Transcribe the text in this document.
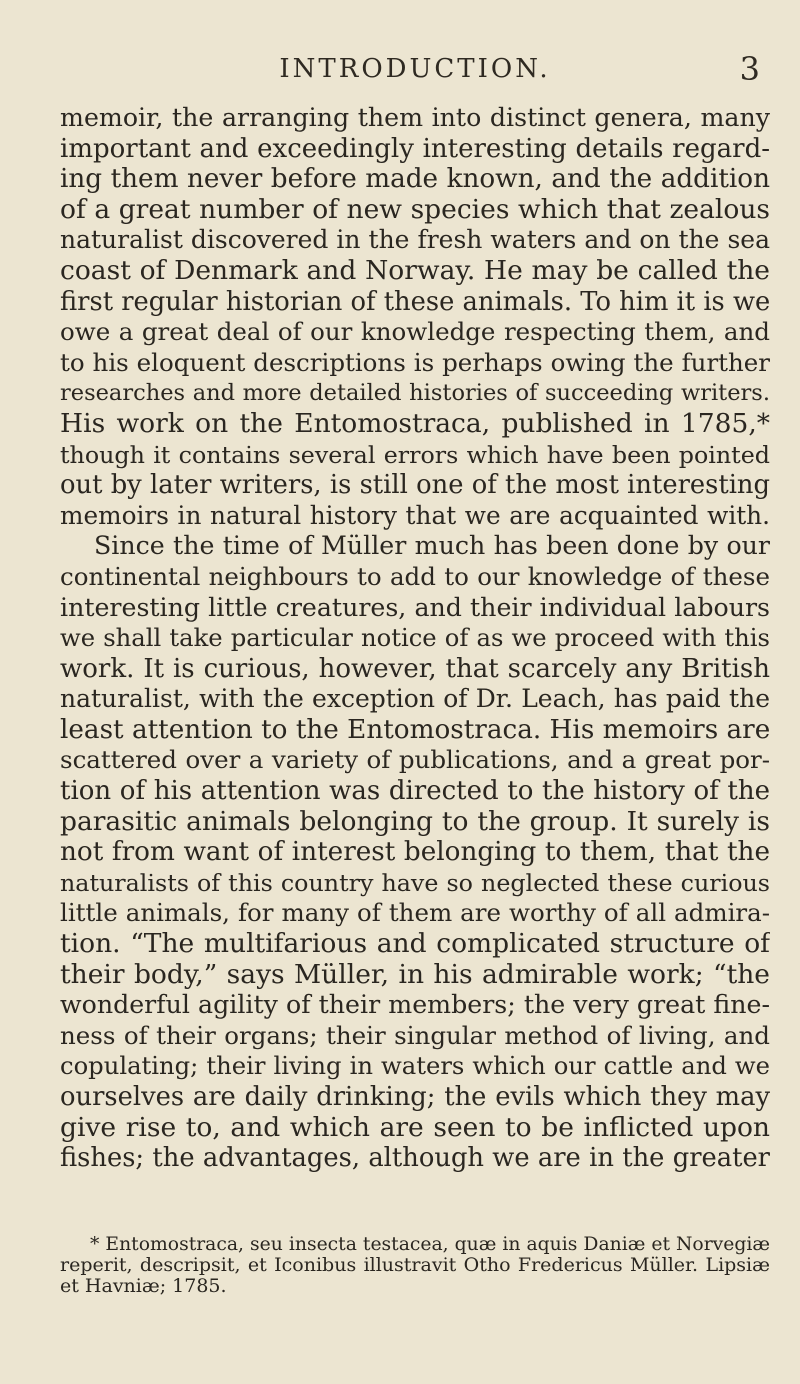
INTRODUCTION.	3
memoir, the arranging them into distinct genera, many
important and exceedingly interesting details regard-
ing them never before made known, and the addition
of a great number of new species which that zealous
naturalist discovered in the fresh waters and on the sea
coast of Denmark and Norway. He may be called the
first regular historian of these animals. To him it is we
owe a great deal of our knowledge respecting them, and
to his eloquent descriptions is perhaps owing the further
researches and more detailed histories of succeeding writers.
His work on the Entomostraca, published in 1785,*
though it contains several errors which have been pointed
out by later writers, is still one of the most interesting
memoirs in natural history that we are acquainted with.
Since the time of Müller much has been done by our
continental neighbours to add to our knowledge of these
interesting little creatures, and their individual labours
we shall take particular notice of as we proceed with this
work. It is curious, however, that scarcely any British
naturalist, with the exception of Dr. Leach, has paid the
least attention to the Entomostraca. His memoirs are
scattered over a variety of publications, and a great por-
tion of his attention was directed to the history of the
parasitic animals belonging to the group. It surely is
not from want of interest belonging to them, that the
naturalists of this country have so neglected these curious
little animals, for many of them are worthy of all admira-
tion. “The multifarious and complicated structure of
their body,” says Müller, in his admirable work; “the
wonderful agility of their members; the very great fine-
ness of their organs; their singular method of living, and
copulating; their living in waters which our cattle and we
ourselves are daily drinking; the evils which they may
give rise to, and which are seen to be inflicted upon
fishes; the advantages, although we are in the greater
* Entomostraca, seu insecta testacea, quæ in aquis Daniæ et Norvegiæ
reperit, descripsit, et Iconibus illustravit Otho Fredericus Müller. Lipsiæ
et Havniæ; 1785.
